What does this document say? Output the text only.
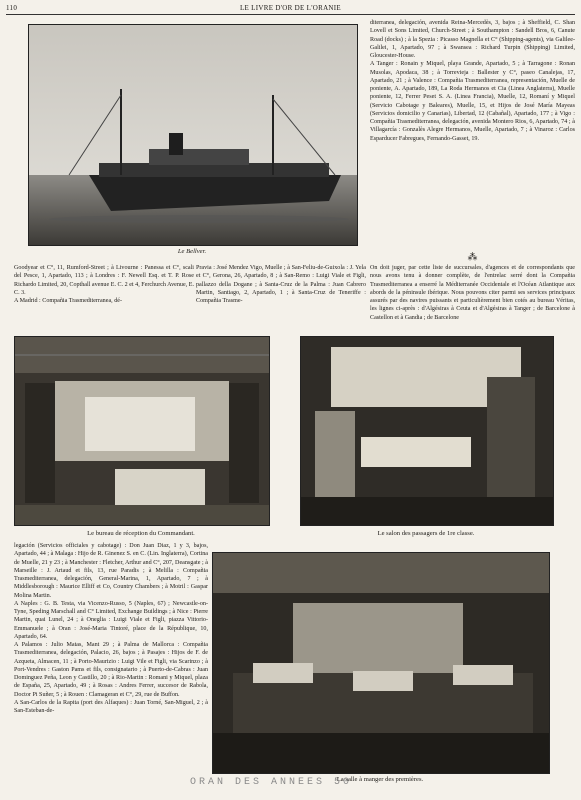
110	LE LIVRE D'OR DE L'ORANIE
Le Bellver.
diterranea, delegación, avenida Reina-Mercedès, 3, bajos ; à Sheffield, C. Shan Lovell et Sons Limited, Church-Street ; à Southampton : Sandell Bros, 6, Canute Road (docks) ; à la Spezia : Picasso Magnella et C° (Shipping-agents), via Galilee-Galilei, 1, Apartado, 97 ; à Swansea : Richard Turpin (Shipping) Limited, Gloucester-House.
A Tanger : Ronain y Miquel, playa Grande, Apartado, 5 ; à Tarragone : Ronan Musolas, Apodaca, 38 ; à Torrevieja : Ballester y C°, paseo Canalejas, 17, Apartado, 21 ; à Valence : Compañia Trasmediterranea, representación, Muelle de poniente, A. Apartado, 189, La Roda Hermanos et Cia (Linea Anglaterra), Muelle poniente, 12, Ferrer Peset S. A. (Linea Francia), Muelle, 12, Romaní y Miquel (Servicio Cabotage y Baleares), Muelle, 15, et Hijos de José María Mayeas (Servicios domicilio y Canarias), Libertad, 12 (Cabañal), Apartado, 177 ; à Vigo : Compañia Trasmediterranea, delegación, avenida Montero Rios, 6, Apartado, 74 ; à Villagarcía : Gonzalès Alegre Hermanos, Muelle, Apartado, 7 ; à Vinaroz : Carlos Esparducer Fabregues, Fernando-Gasset, 19.
⁂
On doit juger, par cette liste de succursales, d'agences et de correspondants que nous avons tenu à donner complète, de l'entrelac serré dont la Compañia Trasmediterranea a enserré la Méditerranée Occidentale et l'Océan Atlantique aux abords de la péninsule ibérique. Nous pouvons citer parmi ses services principaux assurés par des navires puissants et particulièrement bien cotés au bureau Véritas, les lignes ci-après : d'Algésiras à Ceuta et d'Algésiras à Tanger ; de Barcelone à Castellon et à Gandia ; de Barcelone
Goodyear et C°, 11, Rumford-Street ; à Livourne : Panessa et C°, scali del Pesce, 1, Apartado, 113 ; à Londres : F. Newell Esq. et T. P. Rose Richardo Limited, 20, Copthall avenue E. C. 2 et 4, Ferchurch Avenue, E. C. 3.
A Madrid : Compañia Trasmediterranea, dé-
Pravia : José Mendez Vigo, Muelle ; à San-Feliu-de-Guixola : J. Yela et C°, Gerona, 26, Apartado, 8 ; à San-Remo : Luigi Viale et Figli, pallazzo della Dogane ; à Santa-Cruz de la Palma : Juan Cabrero Martin, Santiago, 2, Apartado, 1 ; à Santa-Cruz de Teneriffe : Compañia Trasme-
Le bureau de réception du Commandant.	Le salon des passagers de 1re classe.
legación (Servicios officiales y cabotage) : Don Juan Diaz, 1 y 3, bajos, Apartado, 44 ; à Malaga : Hijo de R. Ginenez S. en C. (Lin. Inglaterra), Cortina de Muelle, 21 y 23 ; à Manchester : Fletcher, Arthur and C°, 207, Deansgate ; à Marseille : J. Artaud et fils, 13, rue Paradis ; à Melilla : Compañia Trasmediterranea, delegación, General-Marina, 1, Apartado, 7 ; à Middlesborough : Maurice Elliff et Co, Country Chambers ; à Motril : Gaspar Molina Martin.
A Naples : G. B. Testa, via Vicenzo-Russo, 5 (Naples, 67) ; Newcastle-on-Tyne, Speding Marschall and C° Limited, Exchange Buildings ; à Nice : Pierre Martin, quai Lunel, 24 ; à Oneglia : Luigi Viale et Figli, piazza Vittorio-Emmanuele ; à Oran : José-Maria Tintoré, place de la République, 10, Apartado, 64.
A Palamos : Julio Matas, Mant 29 ; à Palma de Mallorca : Compañia Trasmediterranea, delegación, Palacio, 26, bajos ; à Pasajes : Hijos de F. de Azqueta, Almacen, 11 ; à Porto-Maurizio : Luigi Vile et Figli, via Scarinzo ; à Port-Vendres : Gaston Pams et fils, consignatario ; à Puerto-de-Cabras : Juan Dominguez Peña, Leon y Castillo, 20 ; à Rio-Martin : Romani y Miquel, plaza de España, 25, Apartado, 49 ; à Rosas : Andres Ferrer, succesor de Rabola, Doctor Pi Suñer, 5 ; à Rouen : Clamageran et C°, 29, rue de Buffon.
A San-Carlos de la Rapita (port des Alfaques) : Juan Torné, San-Miguel, 2 ; à San-Esteban-de-
La salle à manger des premières.
ORAN DES ANNEES 50
